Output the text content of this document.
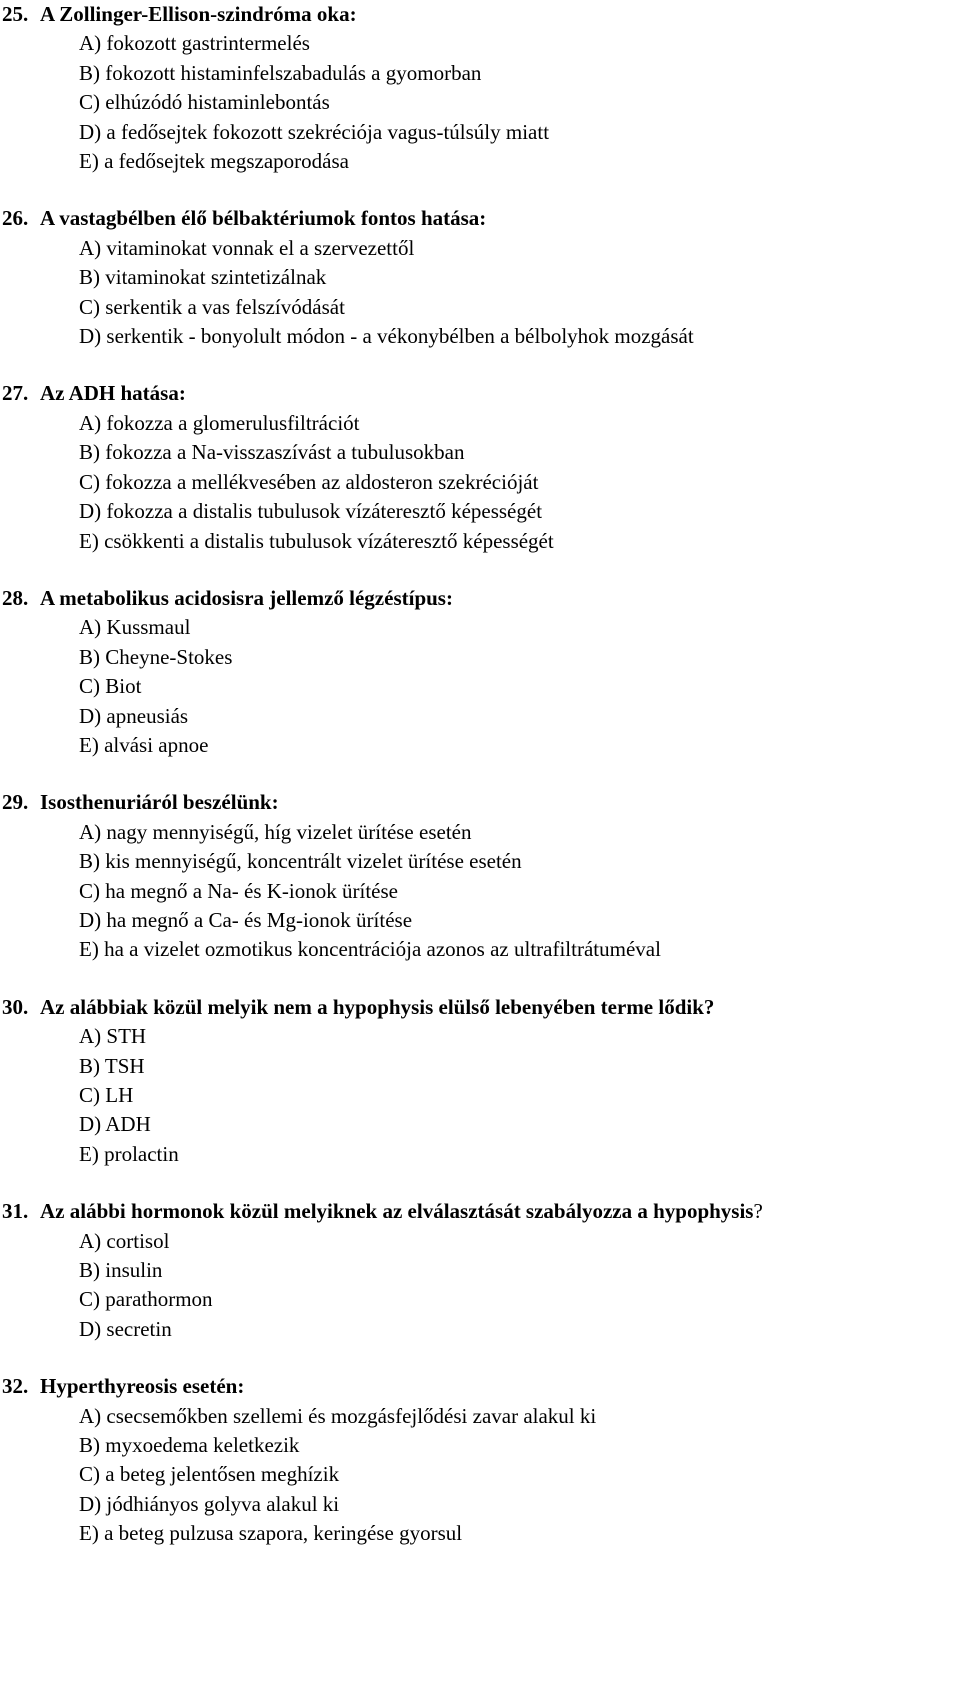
25. A Zollinger-Ellison-szindróma oka:
A) fokozott gastrintermelés
B) fokozott histaminfelszabadulás a gyomorban
C) elhúzódó histaminlebontás
D) a fedősejtek fokozott szekréciója vagus-túlsúly miatt
E) a fedősejtek megszaporodása
26. A vastagbélben élő bélbaktériumok fontos hatása:
A) vitaminokat vonnak el a szervezettől
B) vitaminokat szintetizálnak
C) serkentik a vas felszívódását
D) serkentik - bonyolult módon - a vékonybélben a bélbolyhok mozgását
27. Az ADH hatása:
A) fokozza a glomerulusfiltrációt
B) fokozza a Na-visszaszívást a tubulusokban
C) fokozza a mellékvesében az aldosteron szekrécióját
D) fokozza a distalis tubulusok vízáteresztő képességét
E) csökkenti a distalis tubulusok vízáteresztő képességét
28. A metabolikus acidosisra jellemző légzéstípus:
A) Kussmaul
B) Cheyne-Stokes
C) Biot
D) apneusiás
E) alvási apnoe
29. Isosthenuriáról beszélünk:
A) nagy mennyiségű, híg vizelet ürítése esetén
B) kis mennyiségű, koncentrált vizelet ürítése esetén
C) ha megnő a Na- és K-ionok ürítése
D) ha megnő a Ca- és Mg-ionok ürítése
E) ha a vizelet ozmotikus koncentrációja azonos az ultrafiltrátuméval
30. Az alábbiak közül melyik nem a hypophysis elülső lebenyében terme lődik?
A) STH
B) TSH
C) LH
D) ADH
E) prolactin
31. Az alábbi hormonok közül melyiknek az elválasztását szabályozza a hypophysis?
A) cortisol
B) insulin
C) parathormon
D) secretin
32. Hyperthyreosis esetén:
A) csecsemőkben szellemi és mozgásfejlődési zavar alakul ki
B) myxoedema keletkezik
C) a beteg jelentősen meghízik
D) jódhiányos golyva alakul ki
E) a beteg pulzusa szapora, keringése gyorsul
